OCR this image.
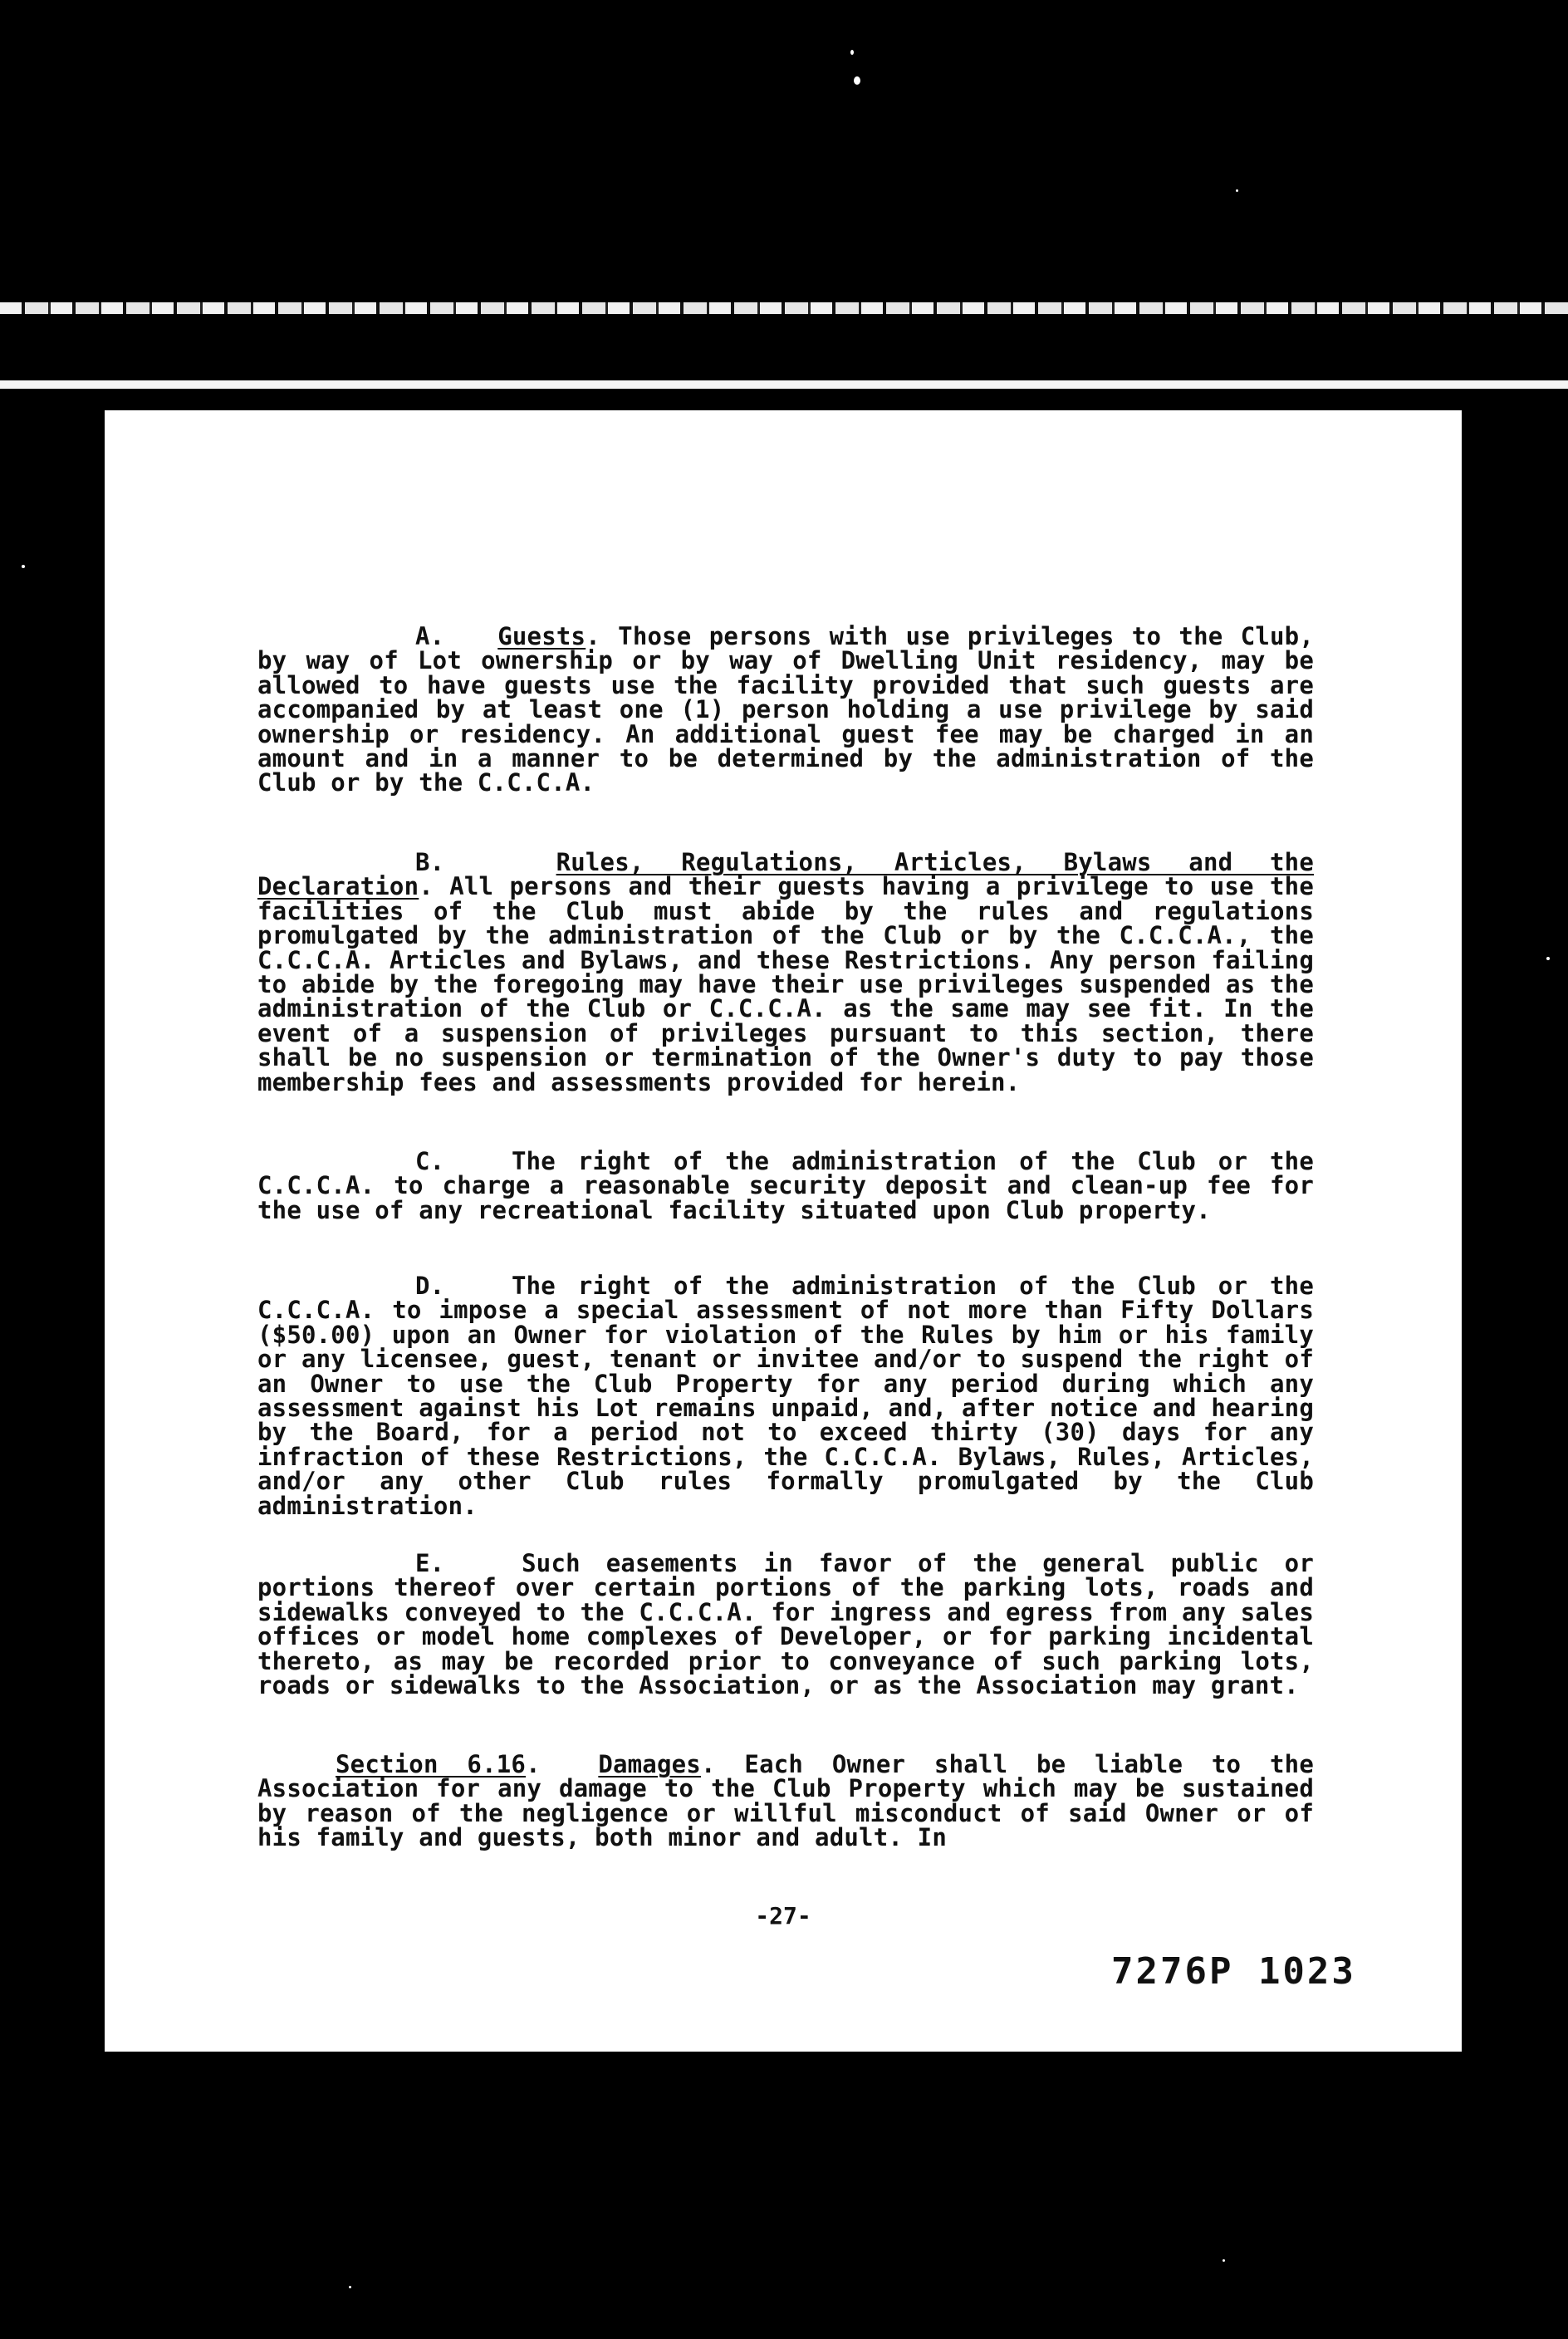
A. Guests. Those persons with use privileges to the Club, by way of Lot ownership or by way of Dwelling Unit residency, may be allowed to have guests use the facility provided that such guests are accompanied by at least one (1) person holding a use privilege by said ownership or residency. An additional guest fee may be charged in an amount and in a manner to be determined by the administration of the Club or by the C.C.C.A.

B.	Rules, Regulations, Articles, Bylaws and the Declaration. All persons and their guests having a privilege to use the facilities of the Club must abide by the rules and regulations promulgated by the administration of the Club or by the C.C.C.A., the C.C.C.A. Articles and Bylaws, and these Restrictions. Any person failing to abide by the foregoing may have their use privileges suspended as the administration of the Club or C.C.C.A. as the same may see fit. In the event of a suspension of privileges pursuant to this section, there shall be no suspension or termination of the Owner's duty to pay those membership fees and assessments provided for herein.

C.	The right of the administration of the Club or the C.C.C.A. to charge a reasonable security deposit and clean-up fee for the use of any recreational facility situated upon Club property.

D.	The right of the administration of the Club or the C.C.C.A. to impose a special assessment of not more than Fifty Dollars ($50.00) upon an Owner for violation of the Rules by him or his family or any licensee, guest, tenant or invitee and/or to suspend the right of an Owner to use the Club Property for any period during which any assessment against his Lot remains unpaid, and, after notice and hearing by the Board, for a period not to exceed thirty (30) days for any infraction of these Restrictions, the C.C.C.A. Bylaws, Rules, Articles, and/or any other Club rules formally promulgated by the Club administration.

E.	Such easements in favor of the general public or portions thereof over certain portions of the parking lots, roads and sidewalks conveyed to the C.C.C.A. for ingress and egress from any sales offices or model home complexes of Developer, or for parking incidental thereto, as may be recorded prior to conveyance of such parking lots, roads or sidewalks to the Association, or as the Association may grant.

Section 6.16. Damages. Each Owner shall be liable to the Association for any damage to the Club Property which may be sustained by reason of the negligence or willful misconduct of said Owner or of his family and guests, both minor and adult. In

-27-
7276P 1023
